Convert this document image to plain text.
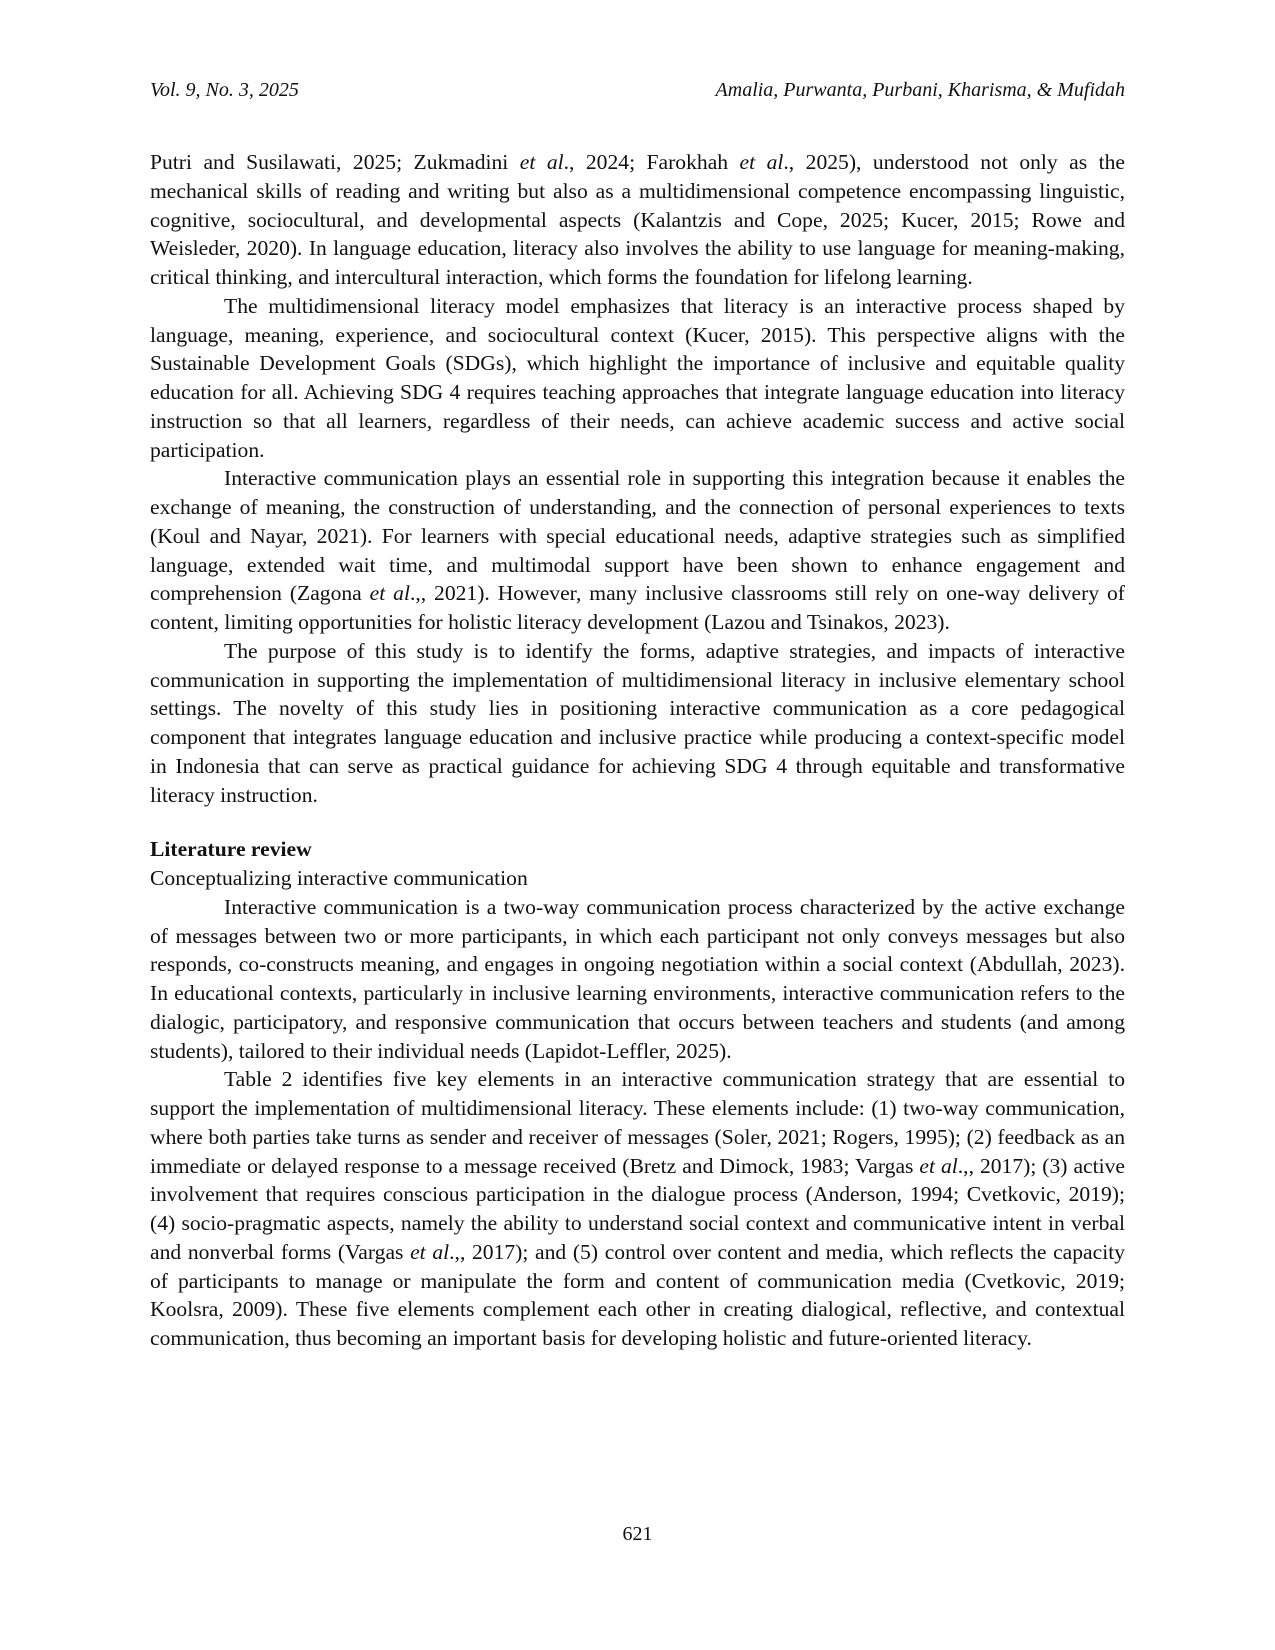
Vol. 9, No. 3, 2025	Amalia, Purwanta, Purbani, Kharisma, & Mufidah

Putri and Susilawati, 2025; Zukmadini et al., 2024; Farokhah et al., 2025), understood not only as the mechanical skills of reading and writing but also as a multidimensional competence encompassing linguistic, cognitive, sociocultural, and developmental aspects (Kalantzis and Cope, 2025; Kucer, 2015; Rowe and Weisleder, 2020). In language education, literacy also involves the ability to use language for meaning-making, critical thinking, and intercultural interaction, which forms the foundation for lifelong learning.

The multidimensional literacy model emphasizes that literacy is an interactive process shaped by language, meaning, experience, and sociocultural context (Kucer, 2015). This perspective aligns with the Sustainable Development Goals (SDGs), which highlight the importance of inclusive and equitable quality education for all. Achieving SDG 4 requires teaching approaches that integrate language education into literacy instruction so that all learners, regardless of their needs, can achieve academic success and active social participation.

Interactive communication plays an essential role in supporting this integration because it enables the exchange of meaning, the construction of understanding, and the connection of personal experiences to texts (Koul and Nayar, 2021). For learners with special educational needs, adaptive strategies such as simplified language, extended wait time, and multimodal support have been shown to enhance engagement and comprehension (Zagona et al.,, 2021). However, many inclusive classrooms still rely on one-way delivery of content, limiting opportunities for holistic literacy development (Lazou and Tsinakos, 2023).

The purpose of this study is to identify the forms, adaptive strategies, and impacts of interactive communication in supporting the implementation of multidimensional literacy in inclusive elementary school settings. The novelty of this study lies in positioning interactive communication as a core pedagogical component that integrates language education and inclusive practice while producing a context-specific model in Indonesia that can serve as practical guidance for achieving SDG 4 through equitable and transformative literacy instruction.

Literature review

Conceptualizing interactive communication

Interactive communication is a two-way communication process characterized by the active exchange of messages between two or more participants, in which each participant not only conveys messages but also responds, co-constructs meaning, and engages in ongoing negotiation within a social context (Abdullah, 2023). In educational contexts, particularly in inclusive learning environments, interactive communication refers to the dialogic, participatory, and responsive communication that occurs between teachers and students (and among students), tailored to their individual needs (Lapidot-Leffler, 2025).

Table 2 identifies five key elements in an interactive communication strategy that are essential to support the implementation of multidimensional literacy. These elements include: (1) two-way communication, where both parties take turns as sender and receiver of messages (Soler, 2021; Rogers, 1995); (2) feedback as an immediate or delayed response to a message received (Bretz and Dimock, 1983; Vargas et al.,, 2017); (3) active involvement that requires conscious participation in the dialogue process (Anderson, 1994; Cvetkovic, 2019); (4) socio-pragmatic aspects, namely the ability to understand social context and communicative intent in verbal and nonverbal forms (Vargas et al.,, 2017); and (5) control over content and media, which reflects the capacity of participants to manage or manipulate the form and content of communication media (Cvetkovic, 2019; Koolsra, 2009). These five elements complement each other in creating dialogical, reflective, and contextual communication, thus becoming an important basis for developing holistic and future-oriented literacy.

621
